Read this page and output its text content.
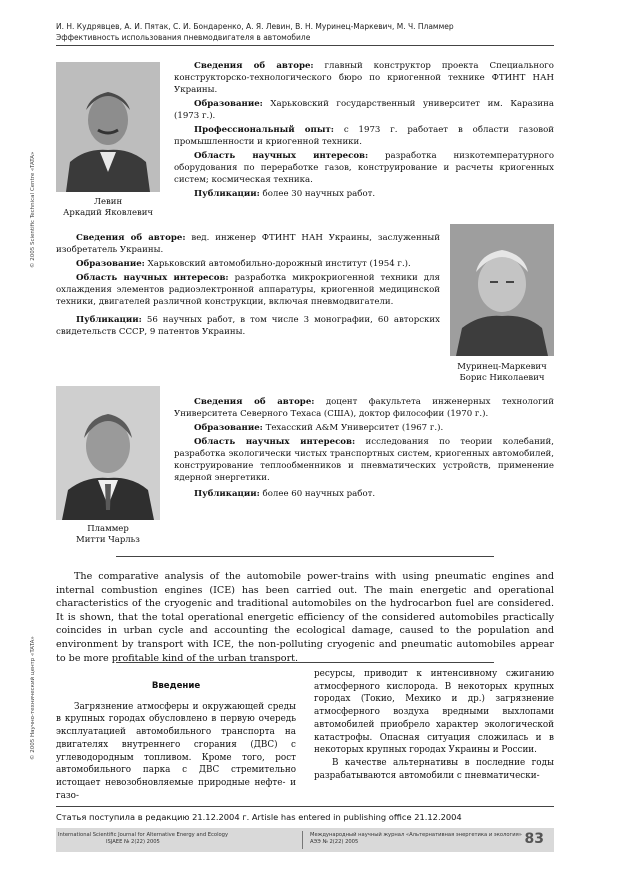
И. Н. Кудрявцев, А. И. Пятак, С. И. Бондаренко, А. Я. Левин, В. Н. Муринец-Маркевич, М. Ч. Пламмер
Эффективность использования пневмодвигателя в автомобиле
© 2005 Scientific Technical Centre «TATA»
© 2005 Научно-технический центр «TATA»
Левин
Аркадий Яковлевич

Сведения об авторе: главный конструктор проекта Специального конструкторско-технологического бюро по криогенной технике ФТИНТ НАН Украины.

Образование: Харьковский государственный университет им. Каразина (1973 г.).

Профессиональный опыт: с 1973 г. работает в области газовой промышленности и криогенной техники.

Область научных интересов: разработка низкотемпературного оборудования по переработке газов, конструирование и расчеты криогенных систем; космическая техника.

Публикации: более 30 научных работ.

Сведения об авторе: вед. инженер ФТИНТ НАН Украины, заслуженный изобретатель Украины.

Образование: Харьковский автомобильно-дорожный институт (1954 г.).

Область научных интересов: разработка микрокриогенной техники для охлаждения элементов радиоэлектронной аппаратуры, криогенной медицинской техники, двигателей различной конструкции, включая пневмодвигатели.

Публикации: 56 научных работ, в том числе 3 монографии, 60 авторских свидетельств СССР, 9 патентов Украины.

Муринец-Маркевич
Борис Николаевич
Пламмер
Митти Чарльз

Сведения об авторе: доцент факультета инженерных технологий Университета Северного Техаса (США), доктор философии (1970 г.).

Образование: Техасский A&M Университет (1967 г.).

Область научных интересов: исследования по теории колебаний, разработка экологически чистых транспортных систем, криогенных автомобилей, конструирование теплообменников и пневматических устройств, применение ядерной энергетики.

Публикации: более 60 научных работ.

The comparative analysis of the automobile power-trains with using pneumatic engines and internal combustion engines (ICE) has been carried out. The main energetic and operational characteristics of the cryogenic and traditional automobiles on the hydrocarbon fuel are considered. It is shown, that the total operational energetic efficiency of the considered automobiles practically coincides in urban cycle and accounting the ecological damage, caused to the population and environment by transport with ICE, the non-polluting cryogenic and pneumatic automobiles appear to be more profitable kind of the urban transport.

Введение

Загрязнение атмосферы и окружающей среды в крупных городах обусловлено в первую очередь эксплуатацией автомобильного транспорта на двигателях внутреннего сгорания (ДВС) с углеводородным топливом. Кроме того, рост автомобильного парка с ДВС стремительно истощает невозобновляемые природные нефте- и газо-

ресурсы, приводит к интенсивному сжиганию атмосферного кислорода. В некоторых крупных городах (Токио, Мехико и др.) загрязнение атмосферного воздуха вредными выхлопами автомобилей приобрело характер экологической катастрофы. Опасная ситуация сложилась и в некоторых крупных городах Украины и России.

В качестве альтернативы в последние годы разрабатываются автомобили с пневматически-

Статья поступила в редакцию 21.12.2004 г. Artisle has entered in publishing office 21.12.2004
International Scientific Journal for Alternative Energy and Ecology
ISJAEE № 2(22) 2005
Международный научный журнал «Альтернативная энергетика и экология»
АЭЭ № 2(22) 2005	83
